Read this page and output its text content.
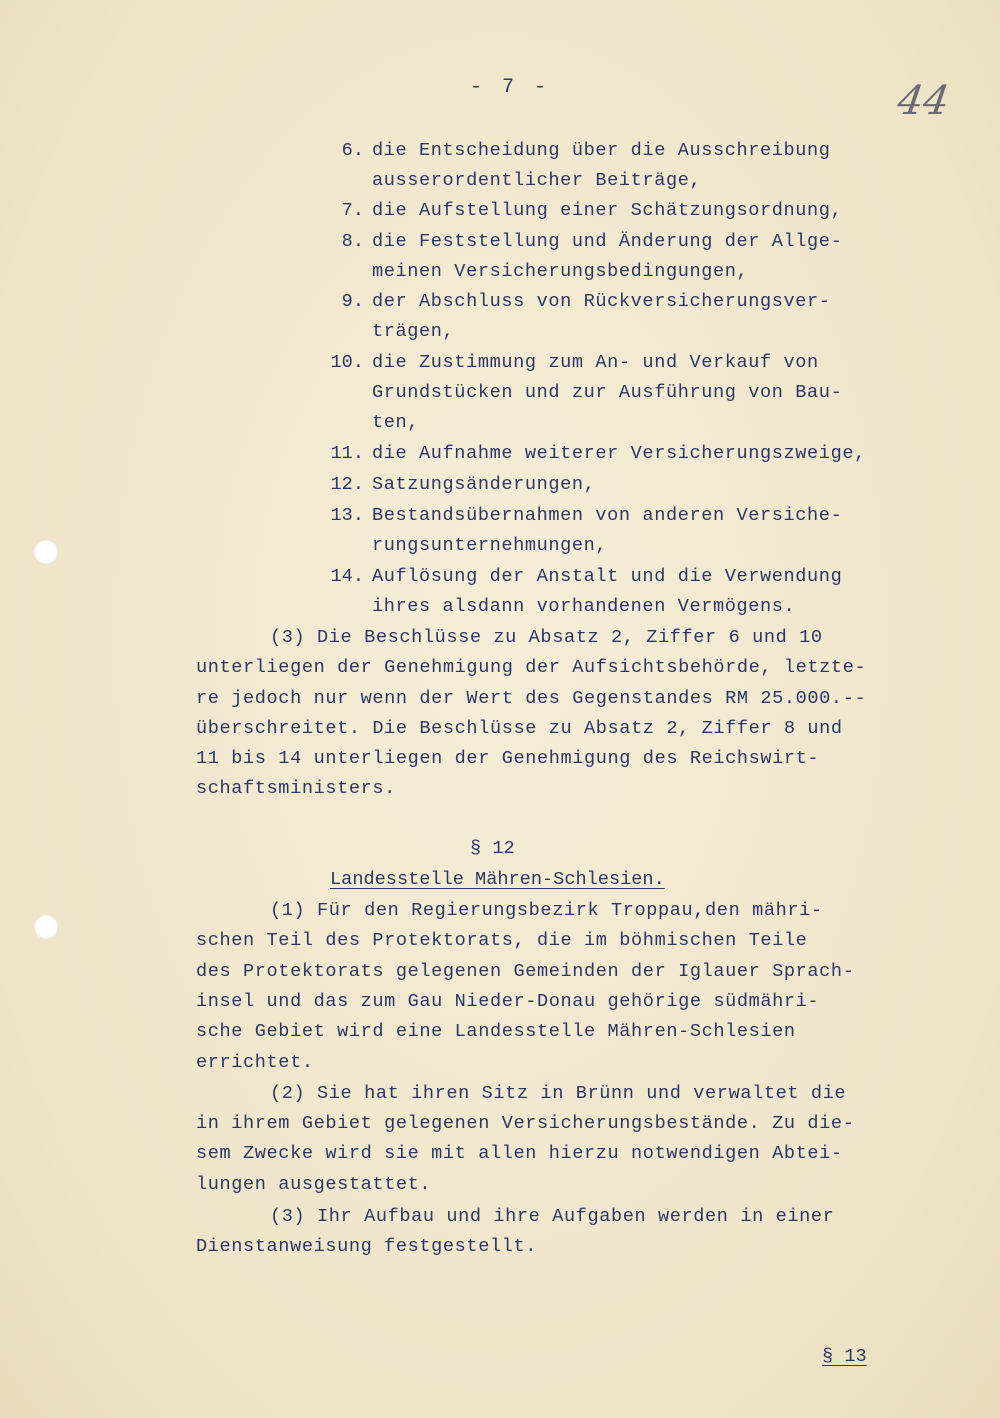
- 7 -	44
6. die Entscheidung über die Ausschreibung
ausserordentlicher Beiträge,
7. die Aufstellung einer Schätzungsordnung,
8. die Feststellung und Änderung der Allge-
meinen Versicherungsbedingungen,
9. der Abschluss von Rückversicherungsver-
trägen,
10. die Zustimmung zum An- und Verkauf von
Grundstücken und zur Ausführung von Bau-
ten,
11. die Aufnahme weiterer Versicherungszweige,
12. Satzungsänderungen,
13. Bestandsübernahmen von anderen Versiche-
rungsunternehmungen,
14. Auflösung der Anstalt und die Verwendung
ihres alsdann vorhandenen Vermögens.
(3) Die Beschlüsse zu Absatz 2, Ziffer 6 und 10
unterliegen der Genehmigung der Aufsichtsbehörde, letzte-
re jedoch nur wenn der Wert des Gegenstandes RM 25.000.--
überschreitet. Die Beschlüsse zu Absatz 2, Ziffer 8 und
11 bis 14 unterliegen der Genehmigung des Reichswirt-
schaftsministers.
§ 12
Landesstelle Mähren-Schlesien.
(1) Für den Regierungsbezirk Troppau,den mähri-
schen Teil des Protektorats, die im böhmischen Teile
des Protektorats gelegenen Gemeinden der Iglauer Sprach-
insel und das zum Gau Nieder-Donau gehörige südmähri-
sche Gebiet wird eine Landesstelle Mähren-Schlesien
errichtet.
(2) Sie hat ihren Sitz in Brünn und verwaltet die
in ihrem Gebiet gelegenen Versicherungsbestände. Zu die-
sem Zwecke wird sie mit allen hierzu notwendigen Abtei-
lungen ausgestattet.
(3) Ihr Aufbau und ihre Aufgaben werden in einer
Dienstanweisung festgestellt.
§ 13
